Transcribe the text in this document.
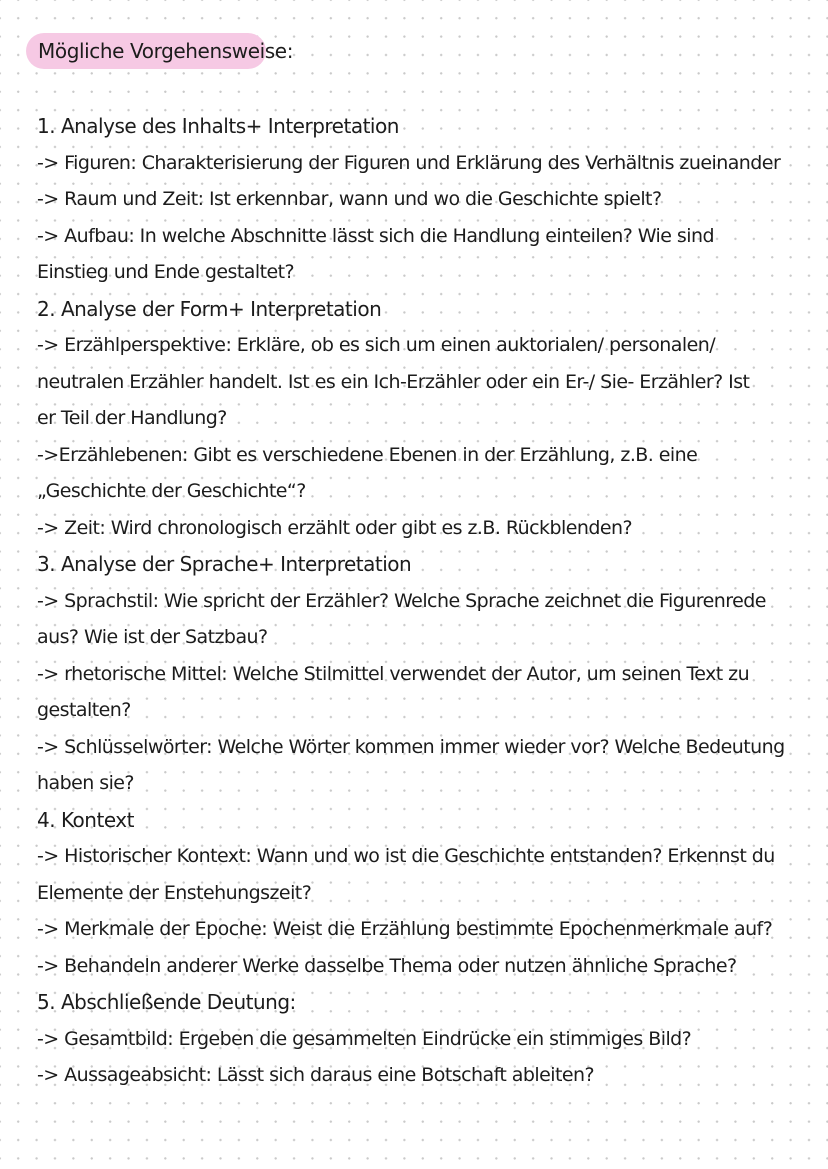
Mögliche Vorgehensweise:
1. Analyse des Inhalts+ Interpretation
-> Figuren: Charakterisierung der Figuren und Erklärung des Verhältnis zueinander
-> Raum und Zeit: Ist erkennbar, wann und wo die Geschichte spielt?
-> Aufbau: In welche Abschnitte lässt sich die Handlung einteilen? Wie sind
Einstieg und Ende gestaltet?
2. Analyse der Form+ Interpretation
-> Erzählperspektive: Erkläre, ob es sich um einen auktorialen/ personalen/
neutralen Erzähler handelt. Ist es ein Ich-Erzähler oder ein Er-/ Sie- Erzähler? Ist
er Teil der Handlung?
->Erzählebenen: Gibt es verschiedene Ebenen in der Erzählung, z.B. eine
„Geschichte der Geschichte“?
-> Zeit: Wird chronologisch erzählt oder gibt es z.B. Rückblenden?
3. Analyse der Sprache+ Interpretation
-> Sprachstil: Wie spricht der Erzähler? Welche Sprache zeichnet die Figurenrede
aus? Wie ist der Satzbau?
-> rhetorische Mittel: Welche Stilmittel verwendet der Autor, um seinen Text zu
gestalten?
-> Schlüsselwörter: Welche Wörter kommen immer wieder vor? Welche Bedeutung
haben sie?
4. Kontext
-> Historischer Kontext: Wann und wo ist die Geschichte entstanden? Erkennst du
Elemente der Enstehungszeit?
-> Merkmale der Epoche: Weist die Erzählung bestimmte Epochenmerkmale auf?
-> Behandeln anderer Werke dasselbe Thema oder nutzen ähnliche Sprache?
5. Abschließende Deutung:
-> Gesamtbild: Ergeben die gesammelten Eindrücke ein stimmiges Bild?
-> Aussageabsicht: Lässt sich daraus eine Botschaft ableiten?
